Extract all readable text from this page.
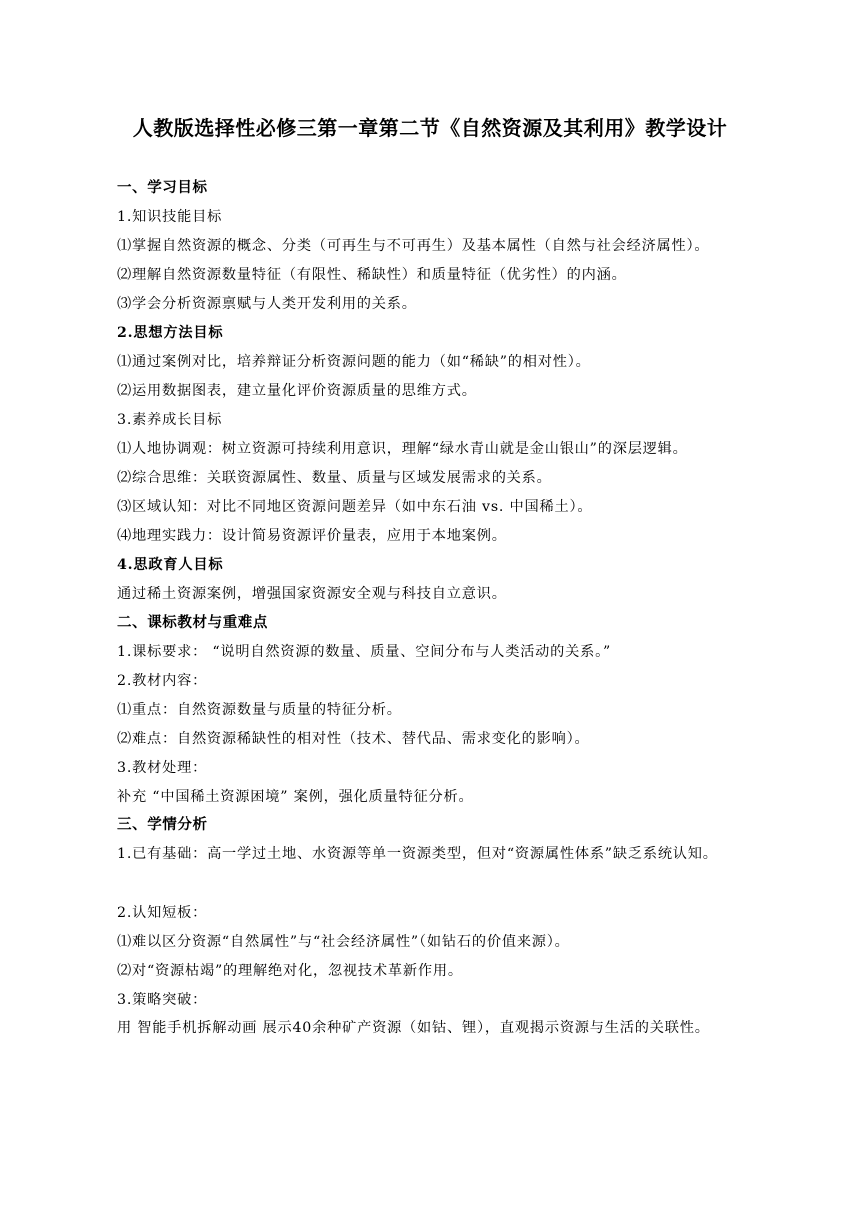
人教版选择性必修三第一章第二节《自然资源及其利用》教学设计
一、学习目标
1.知识技能目标
⑴掌握自然资源的概念、分类（可再生与不可再生）及基本属性（自然与社会经济属性）。
⑵理解自然资源数量特征（有限性、稀缺性）和质量特征（优劣性）的内涵。
⑶学会分析资源禀赋与人类开发利用的关系。
2.思想方法目标
⑴通过案例对比，培养辩证分析资源问题的能力（如“稀缺”的相对性）。
⑵运用数据图表，建立量化评价资源质量的思维方式。
3.素养成长目标
⑴人地协调观：树立资源可持续利用意识，理解“绿水青山就是金山银山”的深层逻辑。
⑵综合思维：关联资源属性、数量、质量与区域发展需求的关系。
⑶区域认知：对比不同地区资源问题差异（如中东石油 vs. 中国稀土）。
⑷地理实践力：设计简易资源评价量表，应用于本地案例。
4.思政育人目标
通过稀土资源案例，增强国家资源安全观与科技自立意识。
二、课标教材与重难点
1.课标要求： “说明自然资源的数量、质量、空间分布与人类活动的关系。”
2.教材内容：
⑴重点：自然资源数量与质量的特征分析。
⑵难点：自然资源稀缺性的相对性（技术、替代品、需求变化的影响）。
3.教材处理：
补充 “中国稀土资源困境” 案例，强化质量特征分析。
三、学情分析
1.已有基础：高一学过土地、水资源等单一资源类型，但对“资源属性体系”缺乏系统认知。
2.认知短板：
⑴难以区分资源“自然属性”与“社会经济属性”（如钻石的价值来源）。
⑵对“资源枯竭”的理解绝对化，忽视技术革新作用。
3.策略突破：
用 智能手机拆解动画 展示40余种矿产资源（如钴、锂），直观揭示资源与生活的关联性。
